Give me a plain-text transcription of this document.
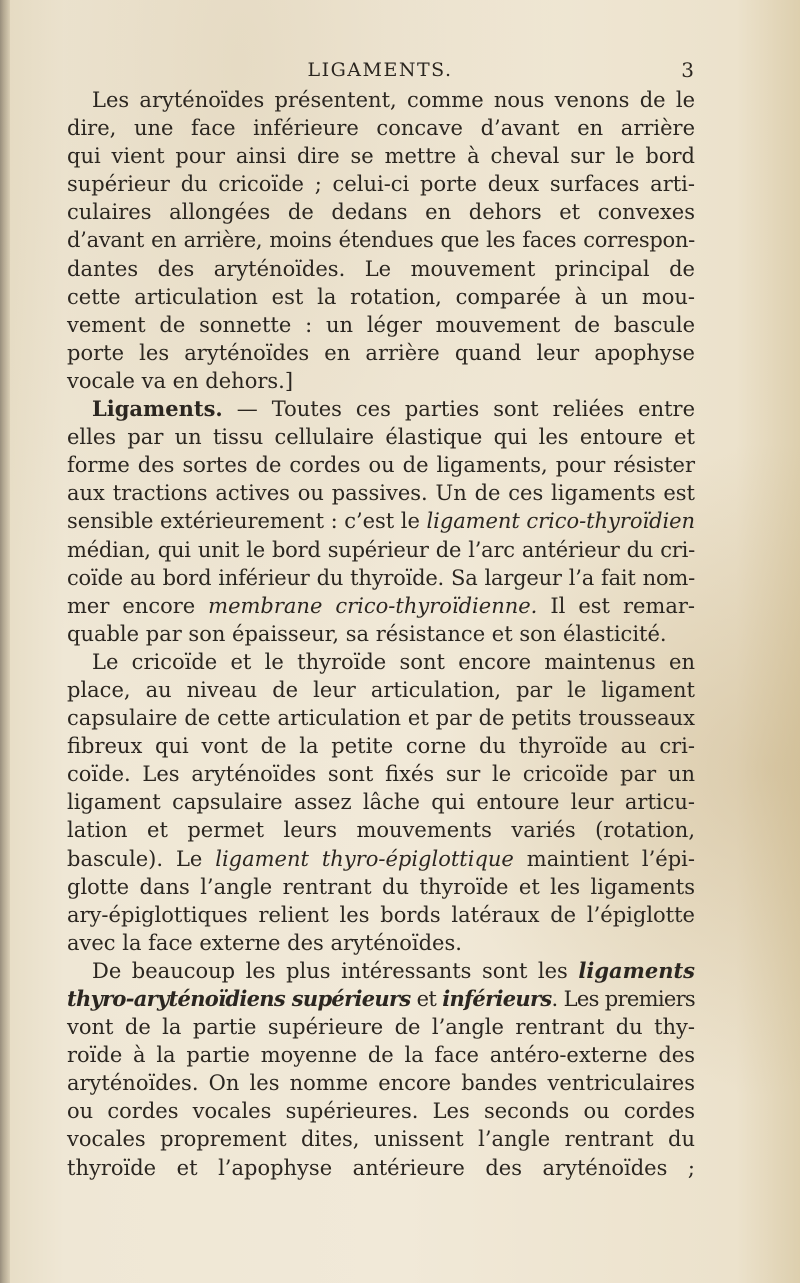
LIGAMENTS.	3
Les aryténoïdes présentent, comme nous venons de le
dire, une face inférieure concave d’avant en arrière
qui vient pour ainsi dire se mettre à cheval sur le bord
supérieur du cricoïde ; celui-ci porte deux surfaces arti-
culaires allongées de dedans en dehors et convexes
d’avant en arrière, moins étendues que les faces correspon-
dantes des aryténoïdes. Le mouvement principal de
cette articulation est la rotation, comparée à un mou-
vement de sonnette : un léger mouvement de bascule
porte les aryténoïdes en arrière quand leur apophyse
vocale va en dehors.]
Ligaments. — Toutes ces parties sont reliées entre
elles par un tissu cellulaire élastique qui les entoure et
forme des sortes de cordes ou de ligaments, pour résister
aux tractions actives ou passives. Un de ces ligaments est
sensible extérieurement : c’est le ligament crico-thyroïdien
médian, qui unit le bord supérieur de l’arc antérieur du cri-
coïde au bord inférieur du thyroïde. Sa largeur l’a fait nom-
mer encore membrane crico-thyroïdienne. Il est remar-
quable par son épaisseur, sa résistance et son élasticité.
Le cricoïde et le thyroïde sont encore maintenus en
place, au niveau de leur articulation, par le ligament
capsulaire de cette articulation et par de petits trousseaux
fibreux qui vont de la petite corne du thyroïde au cri-
coïde. Les aryténoïdes sont fixés sur le cricoïde par un
ligament capsulaire assez lâche qui entoure leur articu-
lation et permet leurs mouvements variés (rotation,
bascule). Le ligament thyro-épiglottique maintient l’épi-
glotte dans l’angle rentrant du thyroïde et les ligaments
ary-épiglottiques relient les bords latéraux de l’épiglotte
avec la face externe des aryténoïdes.
De beaucoup les plus intéressants sont les ligaments
thyro-aryténoïdiens supérieurs et inférieurs. Les premiers
vont de la partie supérieure de l’angle rentrant du thy-
roïde à la partie moyenne de la face antéro-externe des
aryténoïdes. On les nomme encore bandes ventriculaires
ou cordes vocales supérieures. Les seconds ou cordes
vocales proprement dites, unissent l’angle rentrant du
thyroïde et l’apophyse antérieure des aryténoïdes ;
